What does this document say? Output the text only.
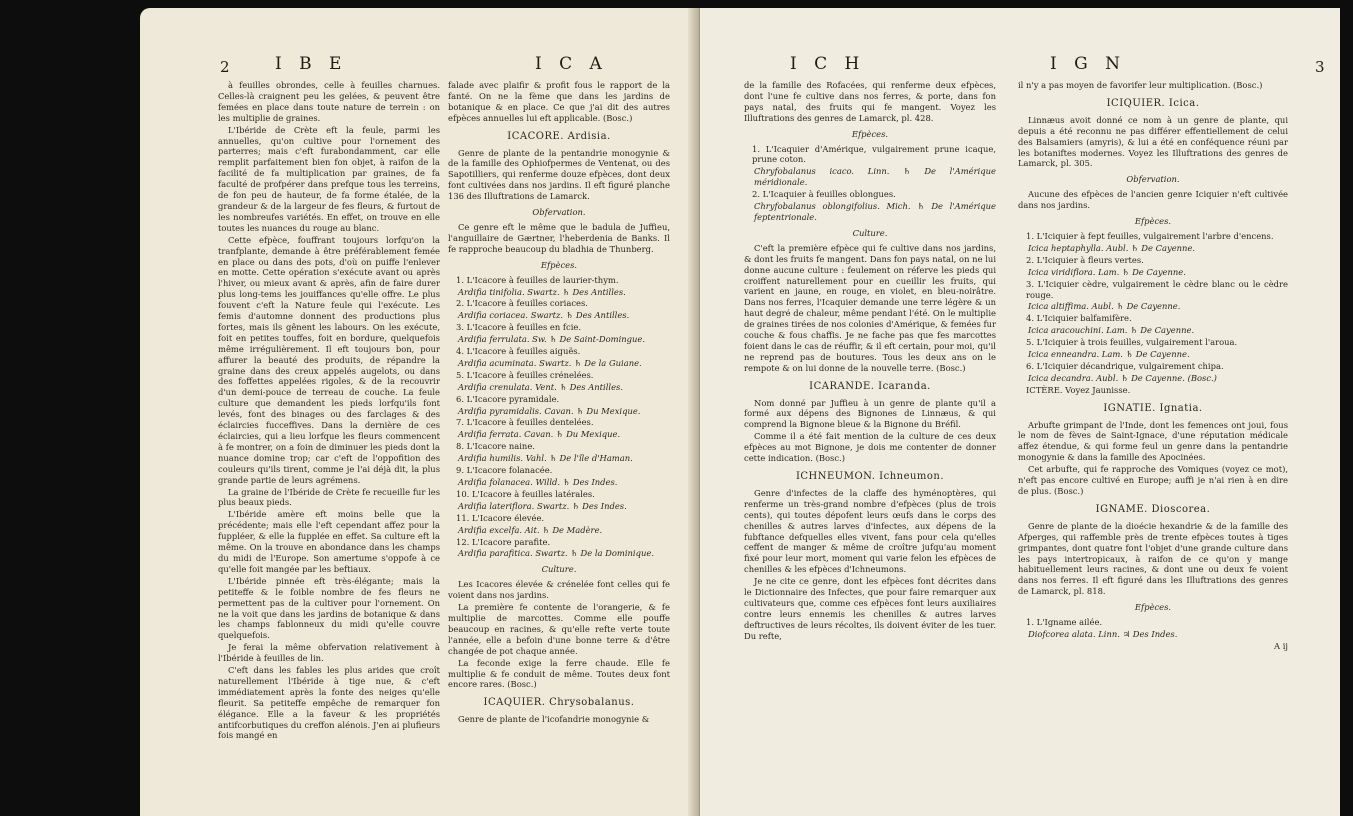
2	I B E	I C A

à feuilles obrondes, celle à feuilles charnues. Celles-là craignent peu les gelées, & peuvent être femées en place dans toute nature de terrein : on les multiplie de graines.

L'Ibéride de Crète eft la feule, parmi les annuelles, qu'on cultive pour l'ornement des parterres; mais c'eft furabondamment, car elle remplit parfaitement bien fon objet, à raifon de la facilité de fa multiplication par graines, de fa faculté de profpérer dans prefque tous les terreins, de fon peu de hauteur, de fa forme étalée, de la grandeur & de la largeur de fes fleurs, & furtout de les nombreufes variétés. En effet, on trouve en elle toutes les nuances du rouge au blanc.

Cette efpèce, fouffrant toujours lorfqu'on la tranfplante, demande à être préférablement femée en place ou dans des pots, d'où on puiffe l'enlever en motte. Cette opération s'exécute avant ou après l'hiver, ou mieux avant & après, afin de faire durer plus long-tems les jouiffances qu'elle offre. Le plus fouvent c'eft la Nature feule qui l'exécute. Les femis d'automne donnent des productions plus fortes, mais ils gênent les labours. On les exécute, foit en petites touffes, foit en bordure, quelquefois même irrégulièrement. Il eft toujours bon, pour affurer la beauté des produits, de répandre la graine dans des creux appelés augelots, ou dans des foffettes appelées rigoles, & de la recouvrir d'un demi-pouce de terreau de couche. La feule culture que demandent les pieds lorfqu'ils font levés, font des binages ou des farclages & des éclaircies fucceffives. Dans la dernière de ces éclaircies, qui a lieu lorfque les fleurs commencent à fe montrer, on a foin de diminuer les pieds dont la nuance domine trop; car c'eft de l'oppofition des couleurs qu'ils tirent, comme je l'ai déjà dit, la plus grande partie de leurs agrémens.

La graine de l'Ibéride de Crète fe recueille fur les plus beaux pieds.

L'Ibéride amère eft moins belle que la précédente; mais elle l'eft cependant affez pour la fuppléer, & elle la fupplée en effet. Sa culture eft la même. On la trouve en abondance dans les champs du midi de l'Europe. Son amertume s'oppofe à ce qu'elle foit mangée par les beftiaux.

L'Ibéride pinnée eft très-élégante; mais la petiteffe & le foible nombre de fes fleurs ne permettent pas de la cultiver pour l'ornement. On ne la voit que dans les jardins de botanique & dans les champs fablonneux du midi qu'elle couvre quelquefois.

Je ferai la même obfervation relativement à l'Ibéride à feuilles de lin.

C'eft dans les fables les plus arides que croît naturellement l'Ibéride à tige nue, & c'eft immédiatement après la fonte des neiges qu'elle fleurit. Sa petiteffe empêche de remarquer fon élégance. Elle a la faveur & les propriétés antifcorbutiques du creffon alénois. J'en ai plufieurs fois mangé en

falade avec plaifir & profit fous le rapport de la fanté. On ne la fème que dans les jardins de botanique & en place. Ce que j'ai dit des autres efpèces annuelles lui eft applicable. (Bosc.)

ICACORE. Ardisia.

Genre de plante de la pentandrie monogynie & de la famille des Ophiofpermes de Ventenat, ou des Sapotilliers, qui renferme douze efpèces, dont deux font cultivées dans nos jardins. Il eft figuré planche 136 des Illuftrations de Lamarck.

Obfervation.

Ce genre eft le même que le badula de Juffieu, l'anguillaire de Gærtner, l'heberdenia de Banks. Il fe rapproche beaucoup du bladhia de Thunberg.

Efpèces.

1. L'Icacore à feuilles de laurier-thym.

Ardifia tinifolia. Swartz. ♄ Des Antilles.

2. L'Icacore à feuilles coriaces.

Ardifia coriacea. Swartz. ♄ Des Antilles.

3. L'Icacore à feuilles en fcie.

Ardifia ferrulata. Sw. ♄ De Saint-Domingue.

4. L'Icacore à feuilles aiguës.

Ardifia acuminata. Swartz. ♄ De la Guiane.

5. L'Icacore à feuilles crénelées.

Ardifia crenulata. Vent. ♄ Des Antilles.

6. L'Icacore pyramidale.

Ardifia pyramidalis. Cavan. ♄ Du Mexique.

7. L'Icacore à feuilles dentelées.

Ardifia ferrata. Cavan. ♄ Du Mexique.

8. L'Icacore naine.

Ardifia humilis. Vahl. ♄ De l'île d'Haman.

9. L'Icacore folanacée.

Ardifia folanacea. Willd. ♄ Des Indes.

10. L'Icacore à feuilles latérales.

Ardifia lateriflora. Swartz. ♄ Des Indes.

11. L'Icacore élevée.

Ardifia excelfa. Ait. ♄ De Madère.

12. L'Icacore parafite.

Ardifia parafitica. Swartz. ♄ De la Dominique.

Culture.

Les Icacores élevée & crénelée font celles qui fe voient dans nos jardins.

La première fe contente de l'orangerie, & fe multiplie de marcottes. Comme elle pouffe beaucoup en racines, & qu'elle refte verte toute l'année, elle a befoin d'une bonne terre & d'être changée de pot chaque année.

La feconde exige la ferre chaude. Elle fe multiplie & fe conduit de même. Toutes deux font encore rares. (Bosc.)

ICAQUIER. Chrysobalanus.

Genre de plante de l'icofandrie monogynie &

I C H	I G N	3

de la famille des Rofacées, qui renferme deux efpèces, dont l'une fe cultive dans nos ferres, & porte, dans fon pays natal, des fruits qui fe mangent. Voyez les Illuftrations des genres de Lamarck, pl. 428.

Efpèces.

1. L'Icaquier d'Amérique, vulgairement prune icaque, prune coton.

Chryfobalanus icaco. Linn. ♄ De l'Amérique méridionale.

2. L'Icaquier à feuilles oblongues.

Chryfobalanus oblongifolius. Mich. ♄ De l'Amérique feptentrionale.

Culture.

C'eft la première efpèce qui fe cultive dans nos jardins, & dont les fruits fe mangent. Dans fon pays natal, on ne lui donne aucune culture : feulement on réferve les pieds qui croiffent naturellement pour en cueillir les fruits, qui varient en jaune, en rouge, en violet, en bleu-noirâtre. Dans nos ferres, l'Icaquier demande une terre légère & un haut degré de chaleur, même pendant l'été. On le multiplie de graines tirées de nos colonies d'Amérique, & femées fur couche & fous chaffis. Je ne fache pas que fes marcottes foient dans le cas de réuffir, & il eft certain, pour moi, qu'il ne reprend pas de boutures. Tous les deux ans on le rempote & on lui donne de la nouvelle terre. (Bosc.)

ICARANDE. Icaranda.

Nom donné par Juffieu à un genre de plante qu'il a formé aux dépens des Bignones de Linnæus, & qui comprend la Bignone bleue & la Bignone du Bréfil.

Comme il a été fait mention de la culture de ces deux efpèces au mot Bignone, je dois me contenter de donner cette indication. (Bosc.)

ICHNEUMON. Ichneumon.

Genre d'infectes de la claffe des hyménoptères, qui renferme un très-grand nombre d'efpèces (plus de trois cents), qui toutes dépofent leurs œufs dans le corps des chenilles & autres larves d'infectes, aux dépens de la fubftance defquelles elles vivent, fans pour cela qu'elles ceffent de manger & même de croître jufqu'au moment fixé pour leur mort, moment qui varie felon les efpèces de chenilles & les efpèces d'Ichneumons.

Je ne cite ce genre, dont les efpèces font décrites dans le Dictionnaire des Infectes, que pour faire remarquer aux cultivateurs que, comme ces efpèces font leurs auxiliaires contre leurs ennemis les chenilles & autres larves deftructives de leurs récoltes, ils doivent éviter de les tuer. Du refte,

il n'y a pas moyen de favorifer leur multiplication. (Bosc.)

ICIQUIER. Icica.

Linnæus avoit donné ce nom à un genre de plante, qui depuis a été reconnu ne pas différer effentiellement de celui des Balsamiers (amyris), & lui a été en conféquence réuni par les botaniftes modernes. Voyez les Illuftrations des genres de Lamarck, pl. 305.

Obfervation.

Aucune des efpèces de l'ancien genre Iciquier n'eft cultivée dans nos jardins.

Efpèces.

1. L'Iciquier à fept feuilles, vulgairement l'arbre d'encens.

Icica heptaphylla. Aubl. ♄ De Cayenne.

2. L'Iciquier à fleurs vertes.

Icica viridiflora. Lam. ♄ De Cayenne.

3. L'Iciquier cèdre, vulgairement le cèdre blanc ou le cèdre rouge.

Icica altiffima. Aubl. ♄ De Cayenne.

4. L'Iciquier balfamifère.

Icica aracouchini. Lam. ♄ De Cayenne.

5. L'Iciquier à trois feuilles, vulgairement l'aroua.

Icica enneandra. Lam. ♄ De Cayenne.

6. L'Iciquier décandrique, vulgairement chipa.

Icica decandra. Aubl. ♄ De Cayenne. (Bosc.)

ICTÈRE. Voyez Jaunisse.

IGNATIE. Ignatia.

Arbufte grimpant de l'Inde, dont les femences ont joui, fous le nom de fèves de Saint-Ignace, d'une réputation médicale affez étendue, & qui forme feul un genre dans la pentandrie monogynie & dans la famille des Apocinées.

Cet arbufte, qui fe rapproche des Vomiques (voyez ce mot), n'eft pas encore cultivé en Europe; auffi je n'ai rien à en dire de plus. (Bosc.)

IGNAME. Dioscorea.

Genre de plante de la dioécie hexandrie & de la famille des Afperges, qui raffemble près de trente efpèces toutes à tiges grimpantes, dont quatre font l'objet d'une grande culture dans les pays intertropicaux, à raifon de ce qu'on y mange habituellement leurs racines, & dont une ou deux fe voient dans nos ferres. Il eft figuré dans les Illuftrations des genres de Lamarck, pl. 818.

Efpèces.

1. L'Igname ailée.

Diofcorea alata. Linn. ♃ Des Indes.

A ij
